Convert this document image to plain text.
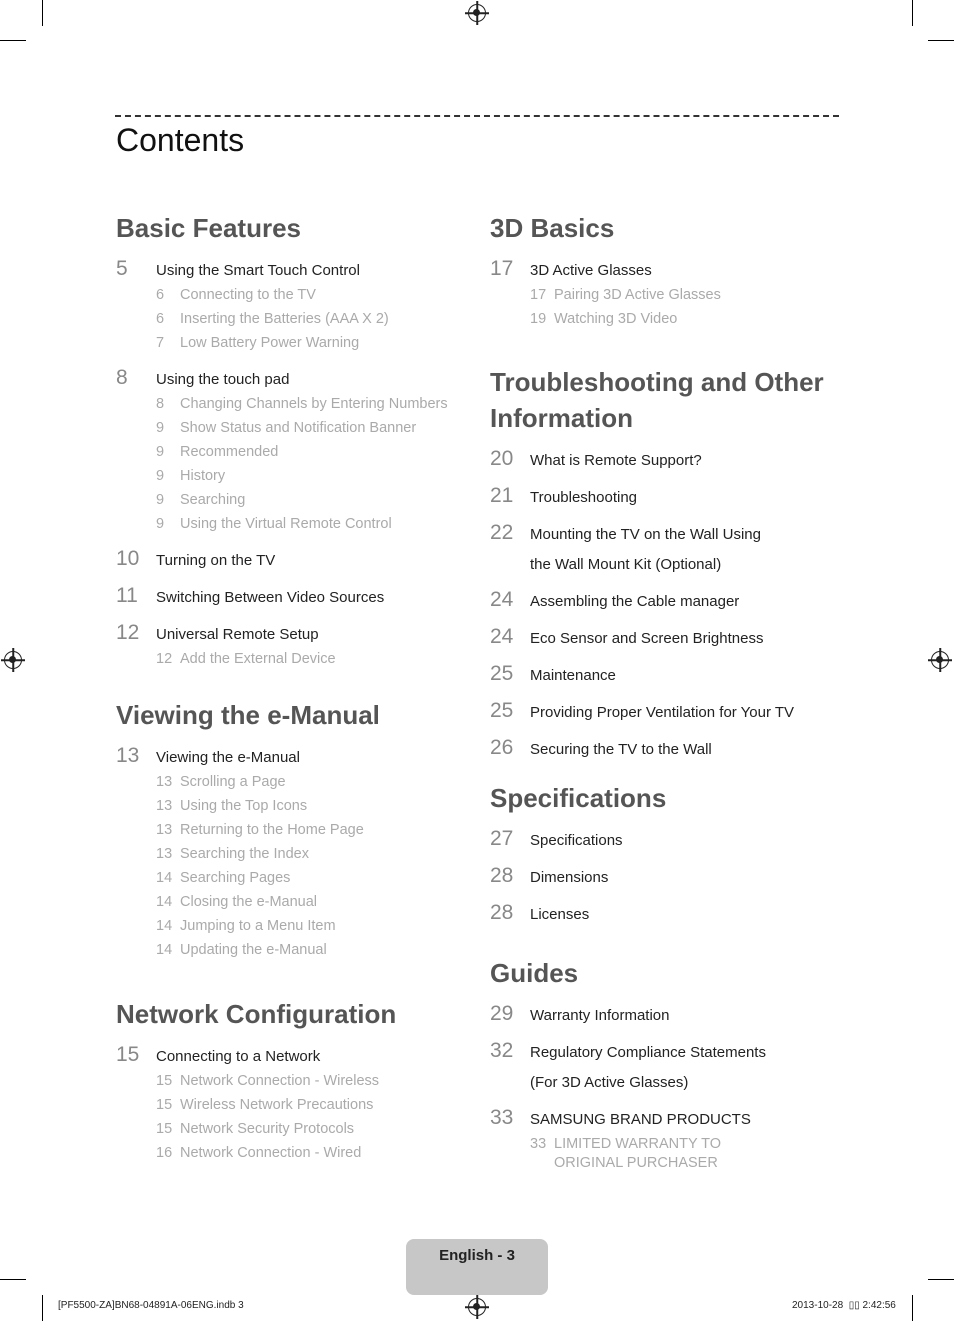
Contents
Basic Features
5	Using the Smart Touch Control
6	Connecting to the TV
6	Inserting the Batteries (AAA X 2)
7	Low Battery Power Warning
8	Using the touch pad
8	Changing Channels by Entering Numbers
9	Show Status and Notification Banner
9	Recommended
9	History
9	Searching
9	Using the Virtual Remote Control
10	Turning on the TV
11	Switching Between Video Sources
12	Universal Remote Setup
12 Add the External Device
Viewing the e-Manual
13	Viewing the e-Manual
13 Scrolling a Page
13 Using the Top Icons
13 Returning to the Home Page
13 Searching the Index
14 Searching Pages
14 Closing the e-Manual
14 Jumping to a Menu Item
14 Updating the e-Manual
Network Configuration
15	Connecting to a Network
15 Network Connection - Wireless
15 Wireless Network Precautions
15 Network Security Protocols
16 Network Connection - Wired
3D Basics
17	3D Active Glasses
17 Pairing 3D Active Glasses
19 Watching 3D Video
Troubleshooting and Other Information
20	What is Remote Support?
21	Troubleshooting
22	Mounting the TV on the Wall Using
the Wall Mount Kit (Optional)
24	Assembling the Cable manager
24	Eco Sensor and Screen Brightness
25	Maintenance
25	Providing Proper Ventilation for Your TV
26	Securing the TV to the Wall
Specifications
27	Specifications
28	Dimensions
28	Licenses
Guides
29	Warranty Information
32	Regulatory Compliance Statements
(For 3D Active Glasses)
33	SAMSUNG BRAND PRODUCTS
33 LIMITED WARRANTY TO
ORIGINAL PURCHASER
English - 3
[PF5500-ZA]BN68-04891A-06ENG.indb 3	2013-10-28  ▯▯ 2:42:56
